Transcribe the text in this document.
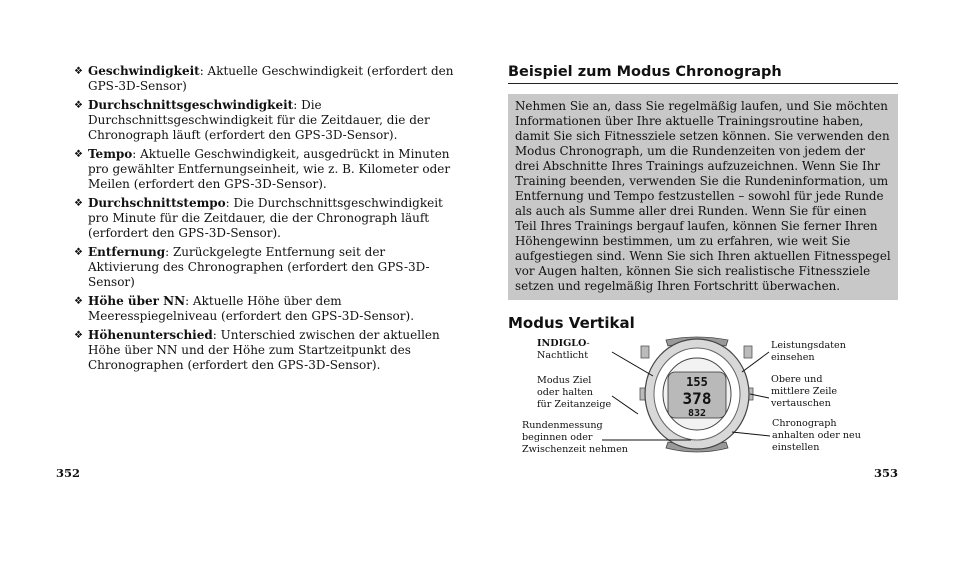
❖ Geschwindigkeit: Aktuelle Geschwindigkeit (erfordert den GPS-3D-Sensor)
❖ Durchschnittsgeschwindigkeit: Die Durchschnittsgeschwindigkeit für die Zeitdauer, die der Chronograph läuft (erfordert den GPS-3D-Sensor).
❖ Tempo: Aktuelle Geschwindigkeit, ausgedrückt in Minuten pro gewählter Entfernungseinheit, wie z. B. Kilometer oder Meilen (erfordert den GPS-3D-Sensor).
❖ Durchschnittstempo: Die Durchschnittsgeschwindigkeit pro Minute für die Zeitdauer, die der Chronograph läuft (erfordert den GPS-3D-Sensor).
❖ Entfernung: Zurückgelegte Entfernung seit der Aktivierung des Chronographen (erfordert den GPS-3D-Sensor)
❖ Höhe über NN: Aktuelle Höhe über dem Meeresspiegelniveau (erfordert den GPS-3D-Sensor).
❖ Höhenunterschied: Unterschied zwischen der aktuellen Höhe über NN und der Höhe zum Startzeitpunkt des Chronographen (erfordert den GPS-3D-Sensor).
352
Beispiel zum Modus Chronograph
Nehmen Sie an, dass Sie regelmäßig laufen, und Sie möchten Informationen über Ihre aktuelle Trainingsroutine haben, damit Sie sich Fitnessziele setzen können. Sie verwenden den Modus Chronograph, um die Rundenzeiten von jedem der drei Abschnitte Ihres Trainings aufzuzeichnen. Wenn Sie Ihr Training beenden, verwenden Sie die Rundeninformation, um Entfernung und Tempo festzustellen – sowohl für jede Runde als auch als Summe aller drei Runden. Wenn Sie für einen Teil Ihres Trainings bergauf laufen, können Sie ferner Ihren Höhengewinn bestimmen, um zu erfahren, wie weit Sie aufgestiegen sind. Wenn Sie sich Ihren aktuellen Fitnesspegel vor Augen halten, können Sie sich realistische Fitnessziele setzen und regelmäßig Ihren Fortschritt überwachen.
Modus Vertikal
155
378
832
INDIGLO-
Nachtlicht
Modus Ziel
oder halten
für Zeitanzeige
Rundenmessung
beginnen oder
Zwischenzeit nehmen
Leistungsdaten
einsehen
Obere und
mittlere Zeile
vertauschen
Chronograph
anhalten oder neu
einstellen
353
